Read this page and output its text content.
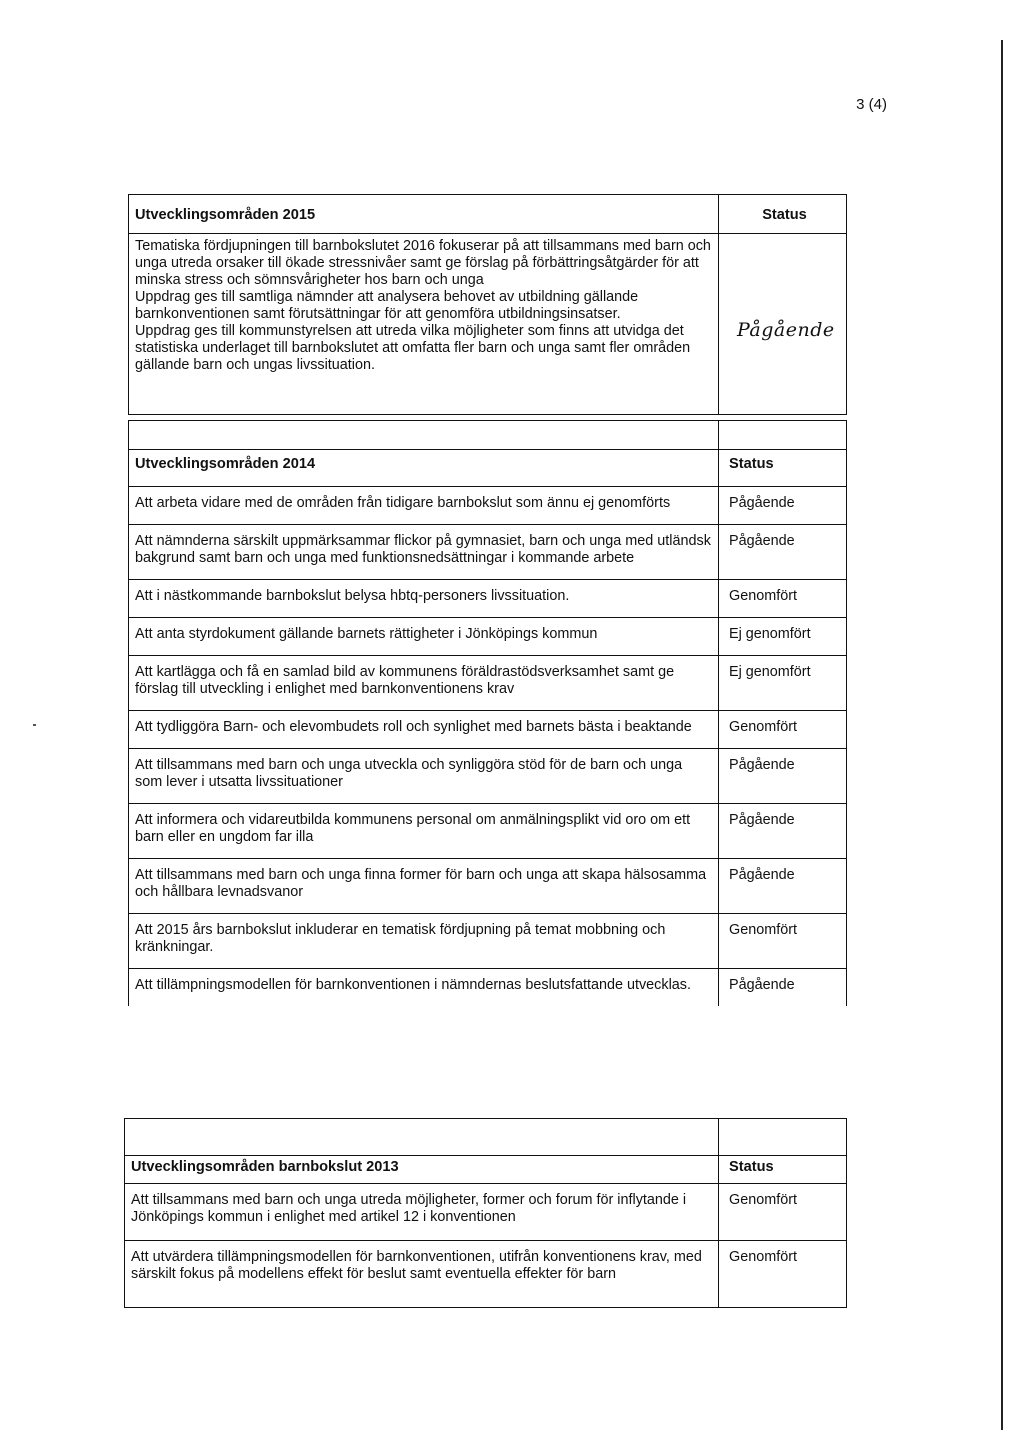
3 (4)
Utvecklingsområden 2015	Status

Tematiska fördjupningen till barnbokslutet 2016 fokuserar på att tillsammans med barn och unga utreda orsaker till ökade stressnivåer samt ge förslag på förbättringsåtgärder för att minska stress och sömnsvårigheter hos barn och unga

Uppdrag ges till samtliga nämnder att analysera behovet av utbildning gällande barnkonventionen samt förutsättningar för att genomföra utbildningsinsatser.

Uppdrag ges till kommunstyrelsen att utreda vilka möjligheter som finns att utvidga det statistiska underlaget till barnbokslutet att omfatta fler barn och unga samt fler områden gällande barn och ungas livssituation.	Pågående

Utvecklingsområden 2014	Status

Att arbeta vidare med de områden från tidigare barnbokslut som ännu ej genomförts	Pågående

Att nämnderna särskilt uppmärksammar flickor på gymnasiet, barn och unga med utländsk bakgrund samt barn och unga med funktionsnedsättningar i kommande arbete	Pågående

Att i nästkommande barnbokslut belysa hbtq-personers livssituation.	Genomfört

Att anta styrdokument gällande barnets rättigheter i Jönköpings kommun	Ej genomfört

Att kartlägga och få en samlad bild av kommunens föräldrastödsverksamhet samt ge förslag till utveckling i enlighet med barnkonventionens krav	Ej genomfört

Att tydliggöra Barn- och elevombudets roll och synlighet med barnets bästa i beaktande	Genomfört

Att tillsammans med barn och unga utveckla och synliggöra stöd för de barn och unga som lever i utsatta livssituationer	Pågående

Att informera och vidareutbilda kommunens personal om anmälningsplikt vid oro om ett barn eller en ungdom far illa	Pågående

Att tillsammans med barn och unga finna former för barn och unga att skapa hälsosamma och hållbara levnadsvanor	Pågående

Att 2015 års barnbokslut inkluderar en tematisk fördjupning på temat mobbning och kränkningar.	Genomfört

Att tillämpningsmodellen för barnkonventionen i nämndernas beslutsfattande utvecklas.	Pågående

Utvecklingsområden barnbokslut 2013	Status

Att tillsammans med barn och unga utreda möjligheter, former och forum för inflytande i Jönköpings kommun i enlighet med artikel 12 i konventionen	Genomfört

Att utvärdera tillämpningsmodellen för barnkonventionen, utifrån konventionens krav, med särskilt fokus på modellens effekt för beslut samt eventuella effekter för barn	Genomfört
